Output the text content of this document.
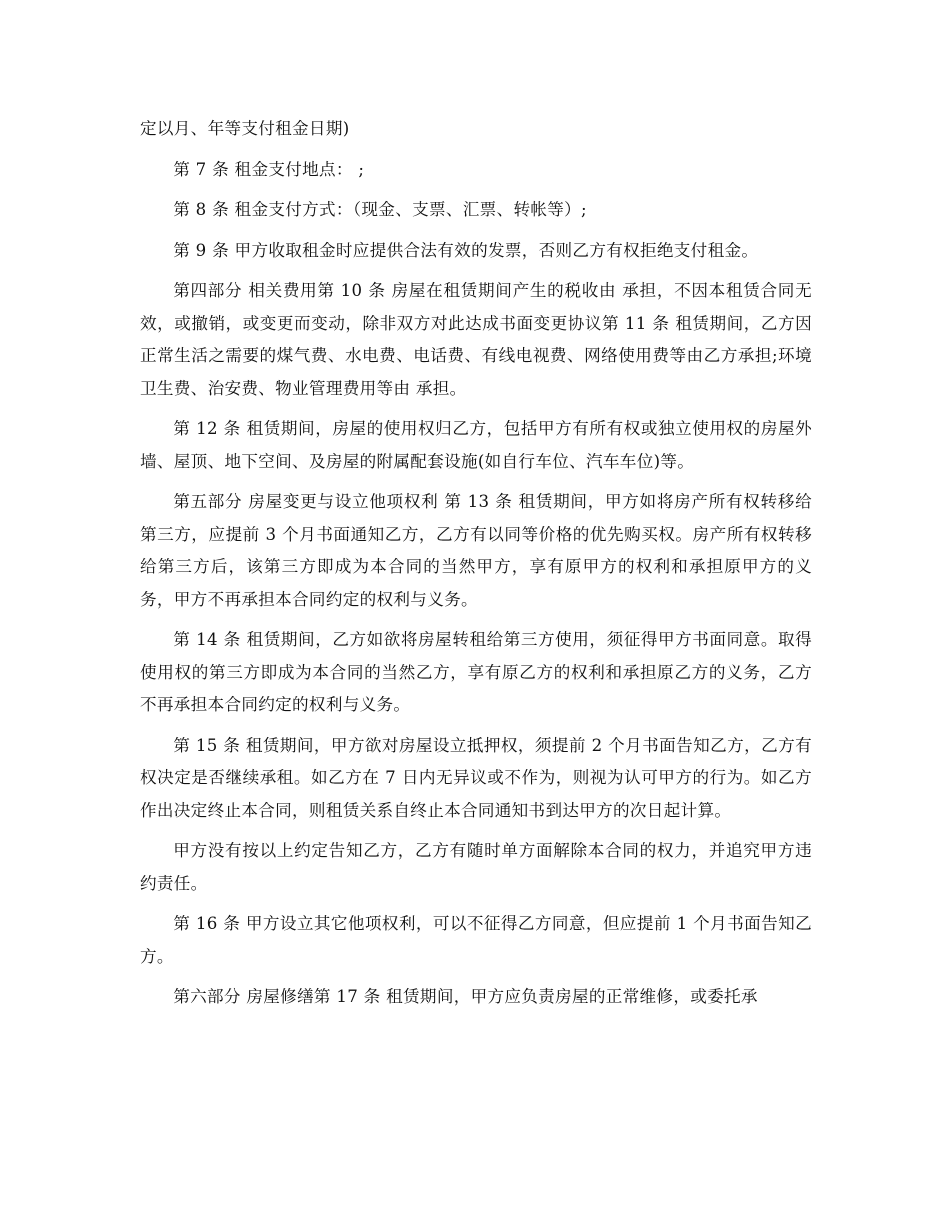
定以月、年等支付租金日期)

第 7 条 租金支付地点： ;

第 8 条 租金支付方式：（现金、支票、汇票、转帐等）;

第 9 条 甲方收取租金时应提供合法有效的发票，否则乙方有权拒绝支付租金。

第四部分 相关费用第 10 条 房屋在租赁期间产生的税收由 承担，不因本租赁合同无效，或撤销，或变更而变动，除非双方对此达成书面变更协议第 11 条 租赁期间，乙方因正常生活之需要的煤气费、水电费、电话费、有线电视费、网络使用费等由乙方承担;环境卫生费、治安费、物业管理费用等由 承担。

第 12 条 租赁期间，房屋的使用权归乙方，包括甲方有所有权或独立使用权的房屋外墙、屋顶、地下空间、及房屋的附属配套设施(如自行车位、汽车车位)等。

第五部分 房屋变更与设立他项权利 第 13 条 租赁期间，甲方如将房产所有权转移给第三方，应提前 3 个月书面通知乙方，乙方有以同等价格的优先购买权。房产所有权转移给第三方后，该第三方即成为本合同的当然甲方，享有原甲方的权利和承担原甲方的义务，甲方不再承担本合同约定的权利与义务。

第 14 条 租赁期间，乙方如欲将房屋转租给第三方使用，须征得甲方书面同意。取得使用权的第三方即成为本合同的当然乙方，享有原乙方的权利和承担原乙方的义务，乙方不再承担本合同约定的权利与义务。

第 15 条 租赁期间，甲方欲对房屋设立抵押权，须提前 2 个月书面告知乙方，乙方有权决定是否继续承租。如乙方在 7 日内无异议或不作为，则视为认可甲方的行为。如乙方作出决定终止本合同，则租赁关系自终止本合同通知书到达甲方的次日起计算。

甲方没有按以上约定告知乙方，乙方有随时单方面解除本合同的权力，并追究甲方违约责任。

第 16 条 甲方设立其它他项权利，可以不征得乙方同意，但应提前 1 个月书面告知乙方。

第六部分 房屋修缮第 17 条 租赁期间，甲方应负责房屋的正常维修，或委托承
